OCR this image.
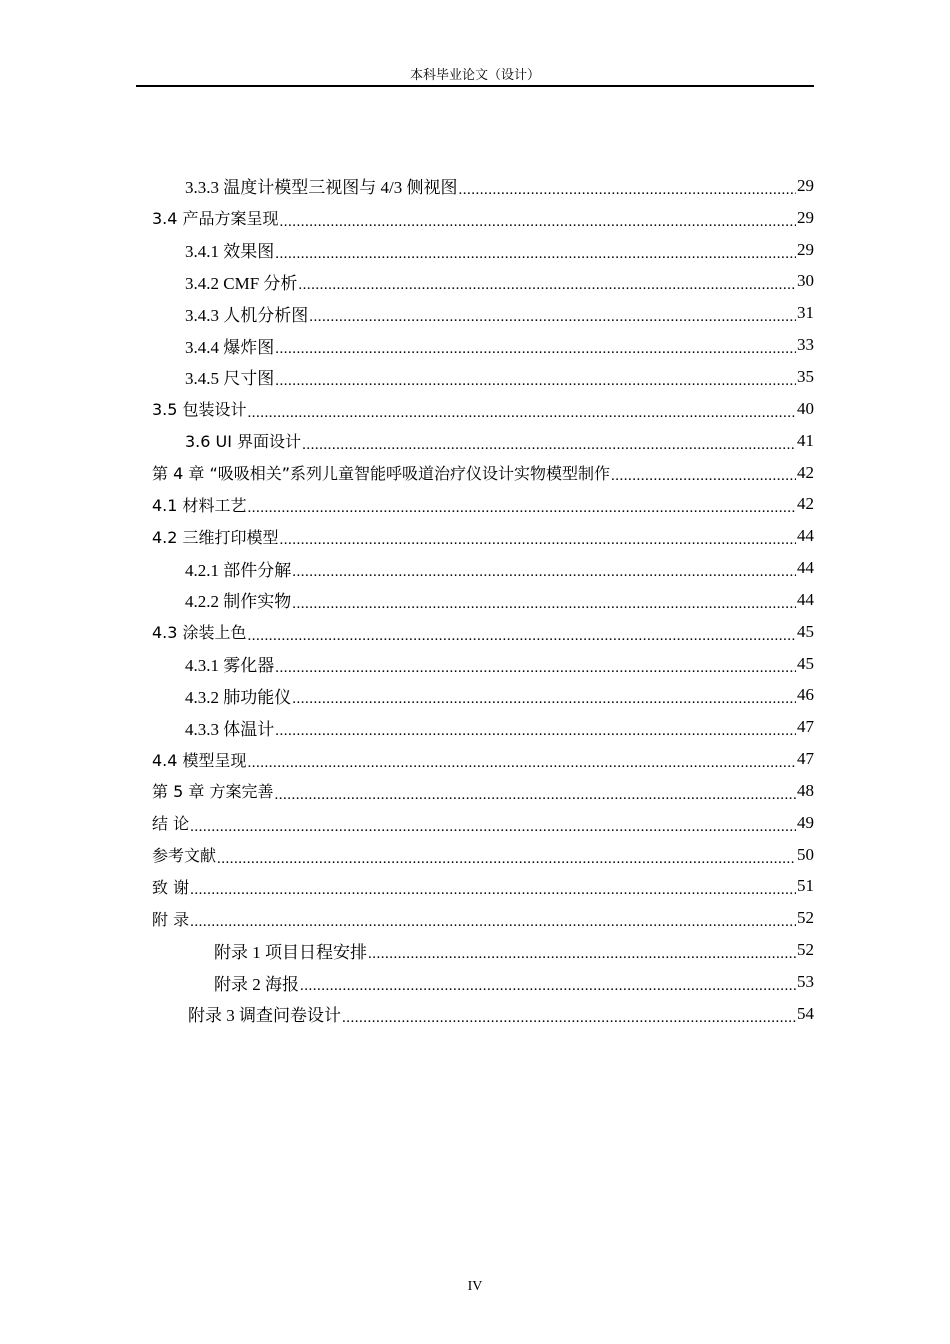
本科毕业论文（设计）
3.3.3 温度计模型三视图与 4/3 侧视图 .....	29
3.4 产品方案呈现 .....	29
3.4.1 效果图 .....	29
3.4.2 CMF 分析 .....	30
3.4.3 人机分析图 .....	31
3.4.4 爆炸图 .....	33
3.4.5 尺寸图 .....	35
3.5 包装设计 .....	40
3.6 UI 界面设计 .....	41
第 4 章 “吸吸相关”系列儿童智能呼吸道治疗仪设计实物模型制作 .....	42
4.1 材料工艺 .....	42
4.2 三维打印模型 .....	44
4.2.1 部件分解 .....	44
4.2.2 制作实物 .....	44
4.3 涂装上色 .....	45
4.3.1 雾化器 .....	45
4.3.2 肺功能仪 .....	46
4.3.3 体温计 .....	47
4.4 模型呈现 .....	47
第 5 章 方案完善 .....	48
结 论 .....	49
参考文献 .....	50
致 谢 .....	51
附 录 .....	52
附录 1 项目日程安排 .....	52
附录 2 海报 .....	53
附录 3 调查问卷设计 .....	54
IV
